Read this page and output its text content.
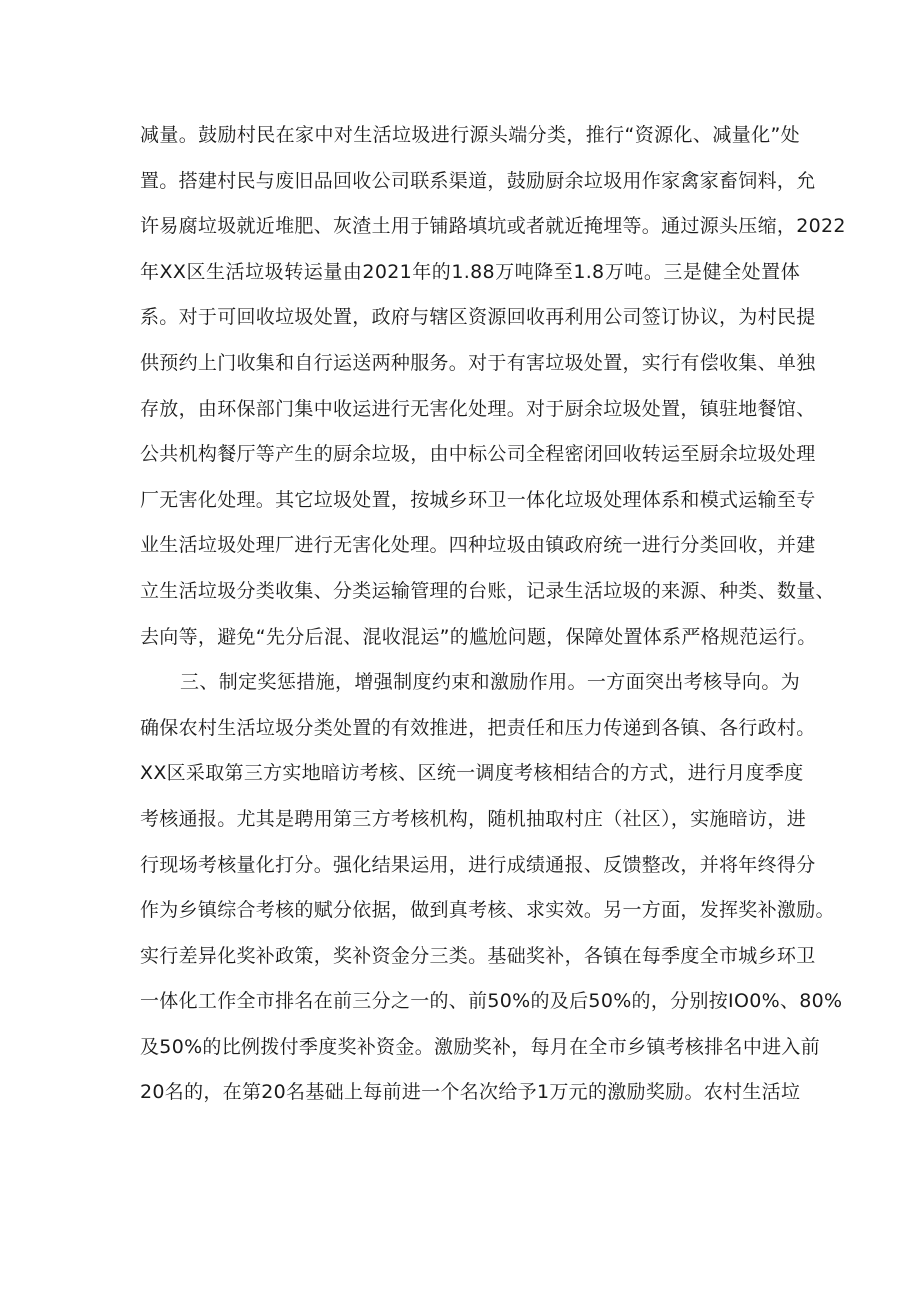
减量。鼓励村民在家中对生活垃圾进行源头端分类，推行“资源化、减量化”处
置。搭建村民与废旧品回收公司联系渠道，鼓励厨余垃圾用作家禽家畜饲料，允
许易腐垃圾就近堆肥、灰渣土用于铺路填坑或者就近掩埋等。通过源头压缩，2022
年XX区生活垃圾转运量由2021年的1.88万吨降至1.8万吨。三是健全处置体
系。对于可回收垃圾处置，政府与辖区资源回收再利用公司签订协议，为村民提
供预约上门收集和自行运送两种服务。对于有害垃圾处置，实行有偿收集、单独
存放，由环保部门集中收运进行无害化处理。对于厨余垃圾处置，镇驻地餐馆、
公共机构餐厅等产生的厨余垃圾，由中标公司全程密闭回收转运至厨余垃圾处理
厂无害化处理。其它垃圾处置，按城乡环卫一体化垃圾处理体系和模式运输至专
业生活垃圾处理厂进行无害化处理。四种垃圾由镇政府统一进行分类回收，并建
立生活垃圾分类收集、分类运输管理的台账，记录生活垃圾的来源、种类、数量、
去向等，避免“先分后混、混收混运”的尴尬问题，保障处置体系严格规范运行。
三、制定奖惩措施，增强制度约束和激励作用。一方面突出考核导向。为
确保农村生活垃圾分类处置的有效推进，把责任和压力传递到各镇、各行政村。
XX区采取第三方实地暗访考核、区统一调度考核相结合的方式，进行月度季度
考核通报。尤其是聘用第三方考核机构，随机抽取村庄（社区），实施暗访，进
行现场考核量化打分。强化结果运用，进行成绩通报、反馈整改，并将年终得分
作为乡镇综合考核的赋分依据，做到真考核、求实效。另一方面，发挥奖补激励。
实行差异化奖补政策，奖补资金分三类。基础奖补，各镇在每季度全市城乡环卫
一体化工作全市排名在前三分之一的、前50%的及后50%的，分别按IO0%、80%
及50%的比例拨付季度奖补资金。激励奖补，每月在全市乡镇考核排名中进入前
20名的，在第20名基础上每前进一个名次给予1万元的激励奖励。农村生活垃
